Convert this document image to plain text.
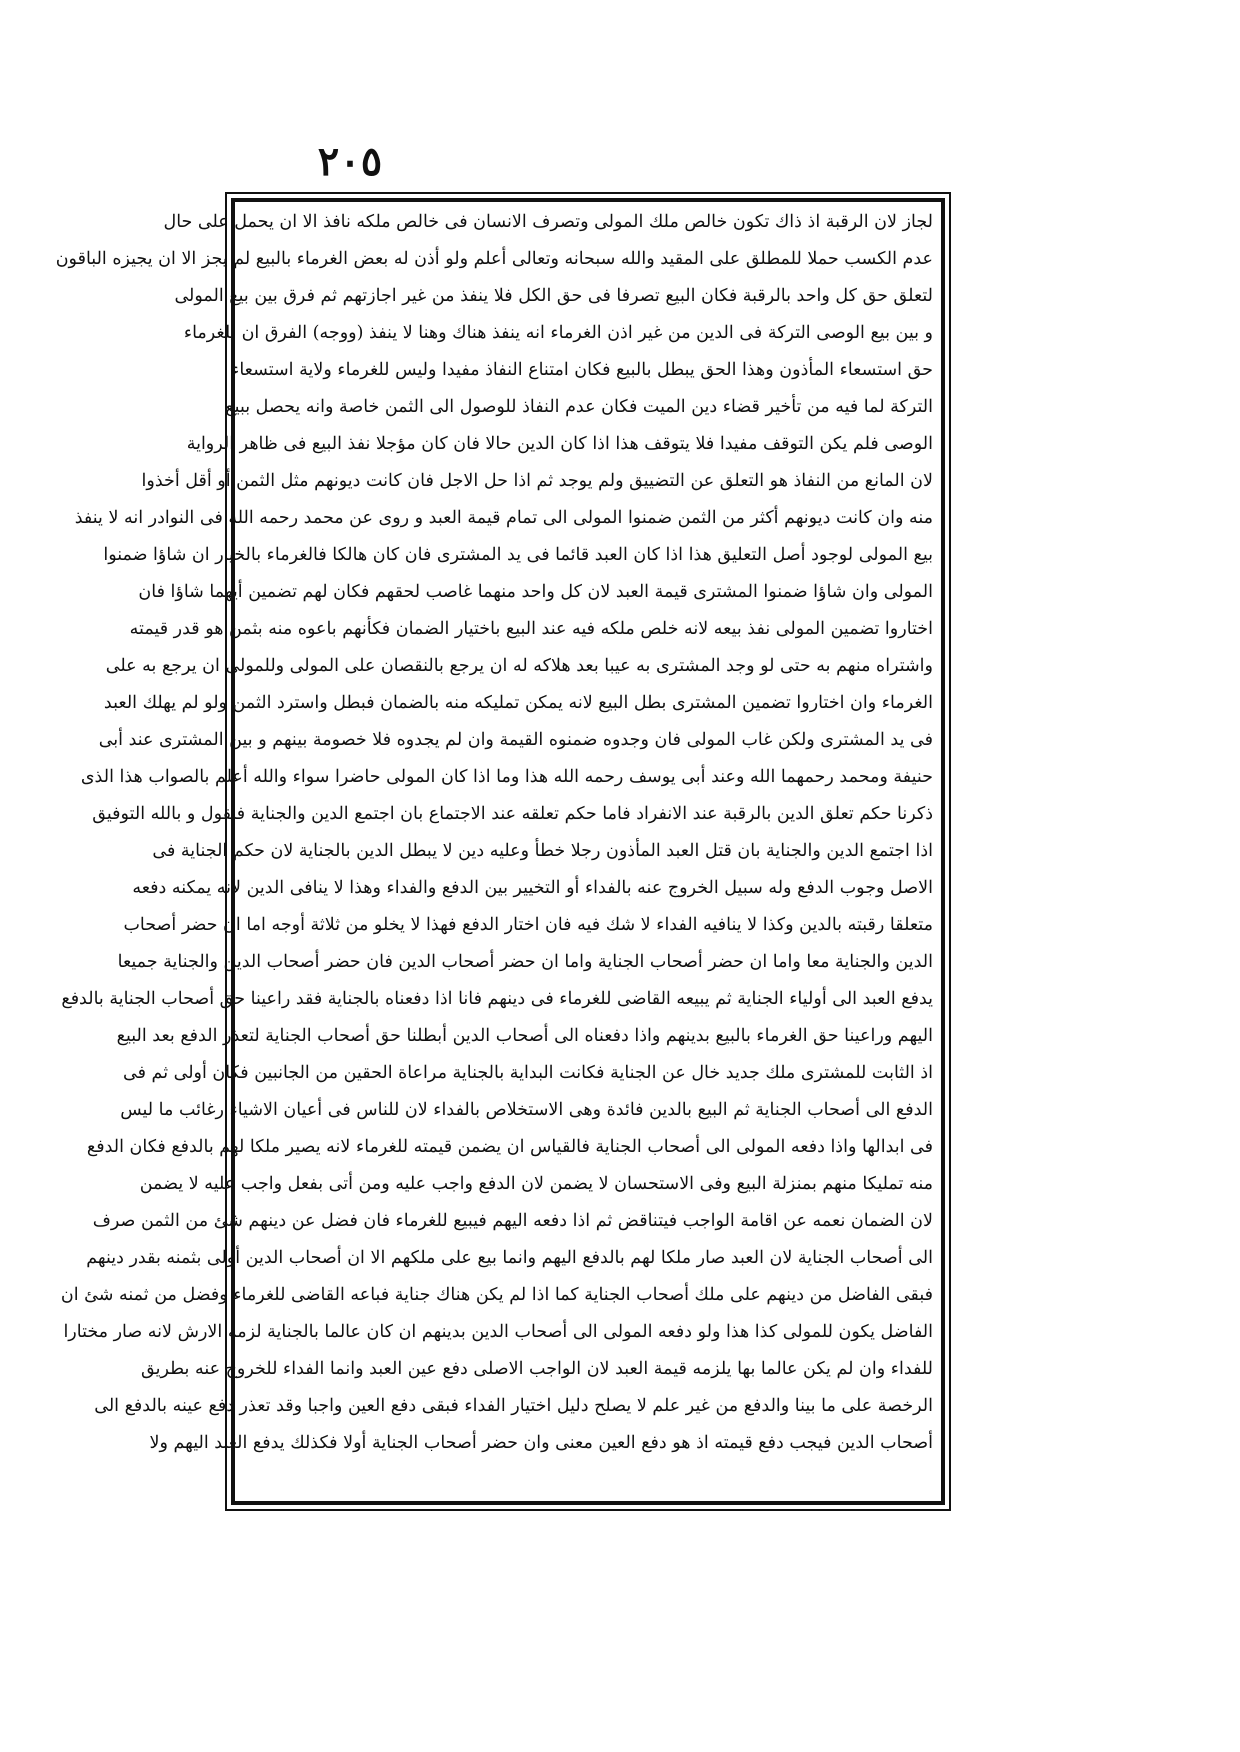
٢٠٥
لجاز لان الرقبة اذ ذاك تكون خالص ملك المولى وتصرف الانسان فى خالص ملكه نافذ الا ان يحمل على حال
عدم الكسب حملا للمطلق على المقيد والله سبحانه وتعالى أعلم ولو أذن له بعض الغرماء بالبيع لم يجز الا ان يجيزه الباقون
لتعلق حق كل واحد بالرقبة فكان البيع تصرفا فى حق الكل فلا ينفذ من غير اجازتهم ثم فرق بين بيع المولى
و بين بيع الوصى التركة فى الدين من غير اذن الغرماء انه ينفذ هناك وهنا لا ينفذ (ووجه) الفرق ان للغرماء
حق استسعاء المأذون وهذا الحق يبطل بالبيع فكان امتناع النفاذ مفيدا وليس للغرماء ولاية استسعاء
التركة لما فيه من تأخير قضاء دين الميت فكان عدم النفاذ للوصول الى الثمن خاصة وانه يحصل ببيع
الوصى فلم يكن التوقف مفيدا فلا يتوقف هذا اذا كان الدين حالا فان كان مؤجلا نفذ البيع فى ظاهر الرواية
لان المانع من النفاذ هو التعلق عن التضييق ولم يوجد ثم اذا حل الاجل فان كانت ديونهم مثل الثمن أو أقل أخذوا
منه وان كانت ديونهم أكثر من الثمن ضمنوا المولى الى تمام قيمة العبد و روى عن محمد رحمه الله فى النوادر انه لا ينفذ
بيع المولى لوجود أصل التعليق هذا اذا كان العبد قائما فى يد المشترى فان كان هالكا فالغرماء بالخيار ان شاؤا ضمنوا
المولى وان شاؤا ضمنوا المشترى قيمة العبد لان كل واحد منهما غاصب لحقهم فكان لهم تضمين أيهما شاؤا فان
اختاروا تضمين المولى نفذ بيعه لانه خلص ملكه فيه عند البيع باختيار الضمان فكأنهم باعوه منه بثمن هو قدر قيمته
واشتراه منهم به حتى لو وجد المشترى به عيبا بعد هلاكه له ان يرجع بالنقصان على المولى وللمولى ان يرجع به على
الغرماء وان اختاروا تضمين المشترى بطل البيع لانه يمكن تمليكه منه بالضمان فبطل واسترد الثمن ولو لم يهلك العبد
فى يد المشترى ولكن غاب المولى فان وجدوه ضمنوه القيمة وان لم يجدوه فلا خصومة بينهم و بين المشترى عند أبى
حنيفة ومحمد رحمهما الله وعند أبى يوسف رحمه الله هذا وما اذا كان المولى حاضرا سواء والله أعلم بالصواب هذا الذى
ذكرنا حكم تعلق الدين بالرقبة عند الانفراد فاما حكم تعلقه عند الاجتماع بان اجتمع الدين والجناية فنقول و بالله التوفيق
اذا اجتمع الدين والجناية بان قتل العبد المأذون رجلا خطأ وعليه دين لا يبطل الدين بالجناية لان حكم الجناية فى
الاصل وجوب الدفع وله سبيل الخروج عنه بالفداء أو التخيير بين الدفع والفداء وهذا لا ينافى الدين لانه يمكنه دفعه
متعلقا رقبته بالدين وكذا لا ينافيه الفداء لا شك فيه فان اختار الدفع فهذا لا يخلو من ثلاثة أوجه اما ان حضر أصحاب
الدين والجناية معا واما ان حضر أصحاب الجناية واما ان حضر أصحاب الدين فان حضر أصحاب الدين والجناية جميعا
يدفع العبد الى أولياء الجناية ثم يبيعه القاضى للغرماء فى دينهم فانا اذا دفعناه بالجناية فقد راعينا حق أصحاب الجناية بالدفع
اليهم وراعينا حق الغرماء بالبيع بدينهم واذا دفعناه الى أصحاب الدين أبطلنا حق أصحاب الجناية لتعذر الدفع بعد البيع
اذ الثابت للمشترى ملك جديد خال عن الجناية فكانت البداية بالجناية مراعاة الحقين من الجانبين فكان أولى ثم فى
الدفع الى أصحاب الجناية ثم البيع بالدين فائدة وهى الاستخلاص بالفداء لان للناس فى أعيان الاشياء رغائب ما ليس
فى ابدالها واذا دفعه المولى الى أصحاب الجناية فالقياس ان يضمن قيمته للغرماء لانه يصير ملكا لهم بالدفع فكان الدفع
منه تمليكا منهم بمنزلة البيع وفى الاستحسان لا يضمن لان الدفع واجب عليه ومن أتى بفعل واجب عليه لا يضمن
لان الضمان نعمه عن اقامة الواجب فيتناقض ثم اذا دفعه اليهم فيبيع للغرماء فان فضل عن دينهم شئ من الثمن صرف
الى أصحاب الجناية لان العبد صار ملكا لهم بالدفع اليهم وانما بيع على ملكهم الا ان أصحاب الدين أولى بثمنه بقدر دينهم
فبقى الفاضل من دينهم على ملك أصحاب الجناية كما اذا لم يكن هناك جناية فباعه القاضى للغرماء وفضل من ثمنه شئ ان
الفاضل يكون للمولى كذا هذا ولو دفعه المولى الى أصحاب الدين بدينهم ان كان عالما بالجناية لزمه الارش لانه صار مختارا
للفداء وان لم يكن عالما بها يلزمه قيمة العبد لان الواجب الاصلى دفع عين العبد وانما الفداء للخروج عنه بطريق
الرخصة على ما بينا والدفع من غير علم لا يصلح دليل اختيار الفداء فبقى دفع العين واجبا وقد تعذر دفع عينه بالدفع الى
أصحاب الدين فيجب دفع قيمته اذ هو دفع العين معنى وان حضر أصحاب الجناية أولا فكذلك يدفع العبد اليهم ولا
